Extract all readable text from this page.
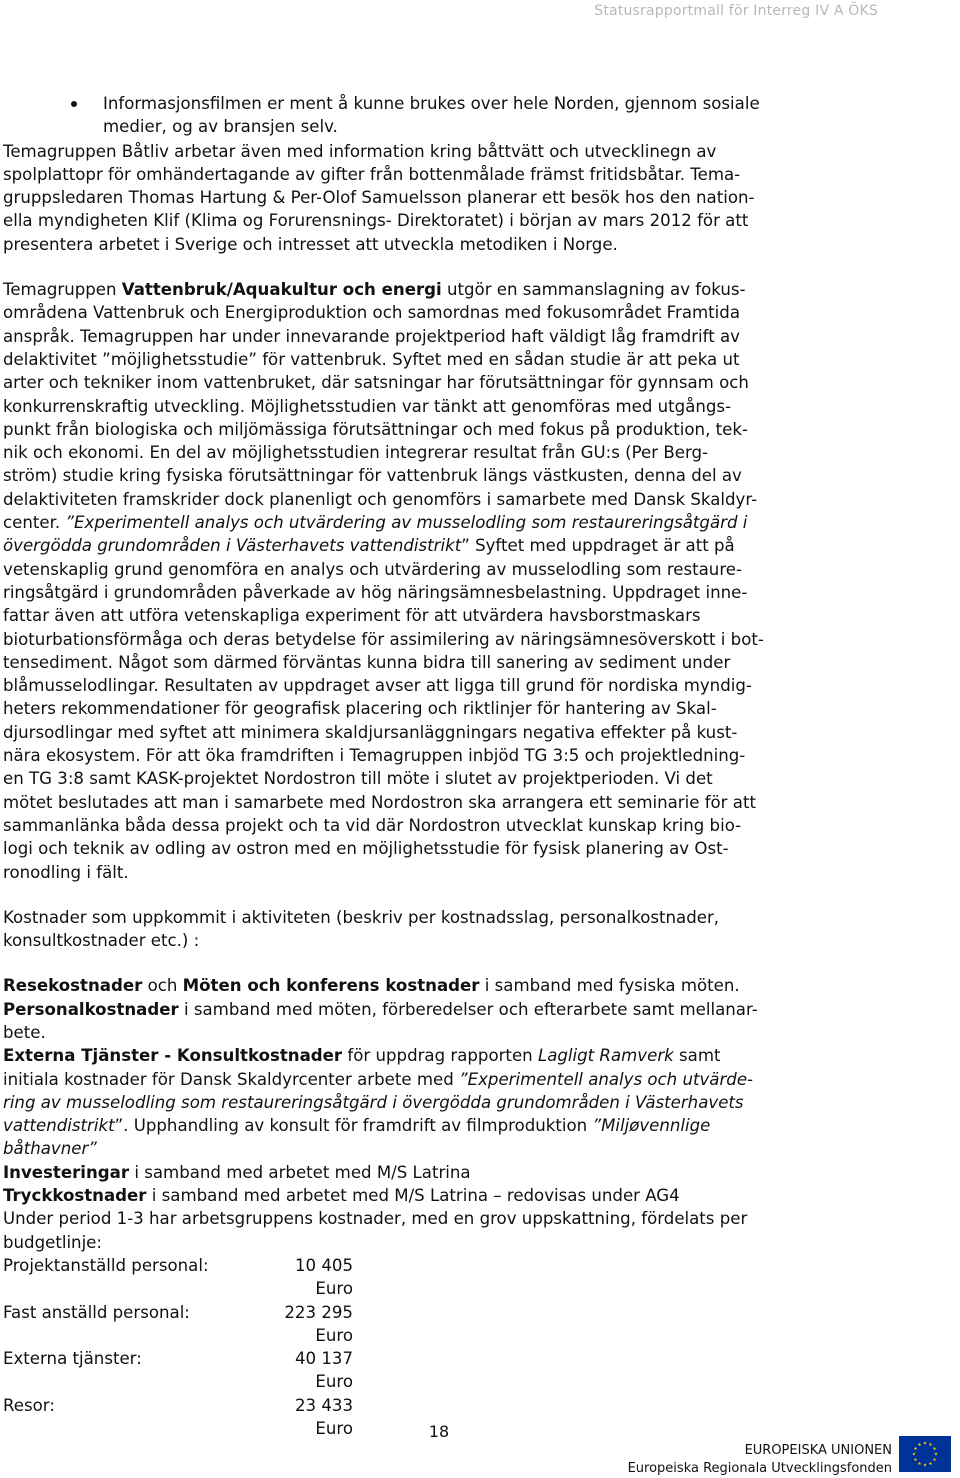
Statusrapportmall för Interreg IV A ÖKS
Informasjonsfilmen er ment å kunne brukes over hele Norden, gjennom sosiale
medier, og av bransjen selv.

Temagruppen Båtliv arbetar även med information kring båttvätt och utvecklinegn av
spolplattopr för omhändertagande av gifter från bottenmålade främst fritidsbåtar. Tema-
gruppsledaren Thomas Hartung & Per-Olof Samuelsson planerar ett besök hos den nation-
ella myndigheten Klif (Klima og Forurensnings- Direktoratet) i början av mars 2012 för att
presentera arbetet i Sverige och intresset att utveckla metodiken i Norge.

Temagruppen Vattenbruk/Aquakultur och energi utgör en sammanslagning av fokus-
områdena Vattenbruk och Energiproduktion och samordnas med fokusområdet Framtida
anspråk. Temagruppen har under innevarande projektperiod haft väldigt låg framdrift av
delaktivitet ”möjlighetsstudie” för vattenbruk. Syftet med en sådan studie är att peka ut
arter och tekniker inom vattenbruket, där satsningar har förutsättningar för gynnsam och
konkurrenskraftig utveckling. Möjlighetsstudien var tänkt att genomföras med utgångs-
punkt från biologiska och miljömässiga förutsättningar och med fokus på produktion, tek-
nik och ekonomi. En del av möjlighetsstudien integrerar resultat från GU:s (Per Berg-
ström) studie kring fysiska förutsättningar för vattenbruk längs västkusten, denna del av
delaktiviteten framskrider dock planenligt och genomförs i samarbete med Dansk Skaldyr-
center. ”Experimentell analys och utvärdering av musselodling som restaureringsåtgärd i
övergödda grundområden i Västerhavets vattendistrikt” Syftet med uppdraget är att på
vetenskaplig grund genomföra en analys och utvärdering av musselodling som restaure-
ringsåtgärd i grundområden påverkade av hög näringsämnesbelastning. Uppdraget inne-
fattar även att utföra vetenskapliga experiment för att utvärdera havsborstmaskars
bioturbationsförmåga och deras betydelse för assimilering av näringsämnesöverskott i bot-
tensediment. Något som därmed förväntas kunna bidra till sanering av sediment under
blåmusselodlingar. Resultaten av uppdraget avser att ligga till grund för nordiska myndig-
heters rekommendationer för geografisk placering och riktlinjer för hantering av Skal-
djursodlingar med syftet att minimera skaldjursanläggningars negativa effekter på kust-
nära ekosystem. För att öka framdriften i Temagruppen inbjöd TG 3:5 och projektledning-
en TG 3:8 samt KASK-projektet Nordostron till möte i slutet av projektperioden. Vi det
mötet beslutades att man i samarbete med Nordostron ska arrangera ett seminarie för att
sammanlänka båda dessa projekt och ta vid där Nordostron utvecklat kunskap kring bio-
logi och teknik av odling av ostron med en möjlighetsstudie för fysisk planering av Ost-
ronodling i fält.

Kostnader som uppkommit i aktiviteten (beskriv per kostnadsslag, personalkostnader,
konsultkostnader etc.) :

Resekostnader och Möten och konferens kostnader i samband med fysiska möten.

Personalkostnader i samband med möten, förberedelser och efterarbete samt mellanar-
bete.

Externa Tjänster - Konsultkostnader för uppdrag rapporten Lagligt Ramverk samt
initiala kostnader för Dansk Skaldyrcenter arbete med ”Experimentell analys och utvärde-
ring av musselodling som restaureringsåtgärd i övergödda grundområden i Västerhavets
vattendistrikt”. Upphandling av konsult för framdrift av filmproduktion ”Miljøvennlige
båthavner”

Investeringar i samband med arbetet med M/S Latrina

Tryckkostnader i samband med arbetet med M/S Latrina – redovisas under AG4

Under period 1-3 har arbetsgruppens kostnader, med en grov uppskattning, fördelats per
budgetlinje:

Projektanställd personal:	10 405 Euro
Fast anställd personal:	223 295 Euro
Externa tjänster:	40 137 Euro
Resor:	23 433 Euro	18
EUROPEISKA UNIONEN
Europeiska Regionala Utvecklingsfonden
